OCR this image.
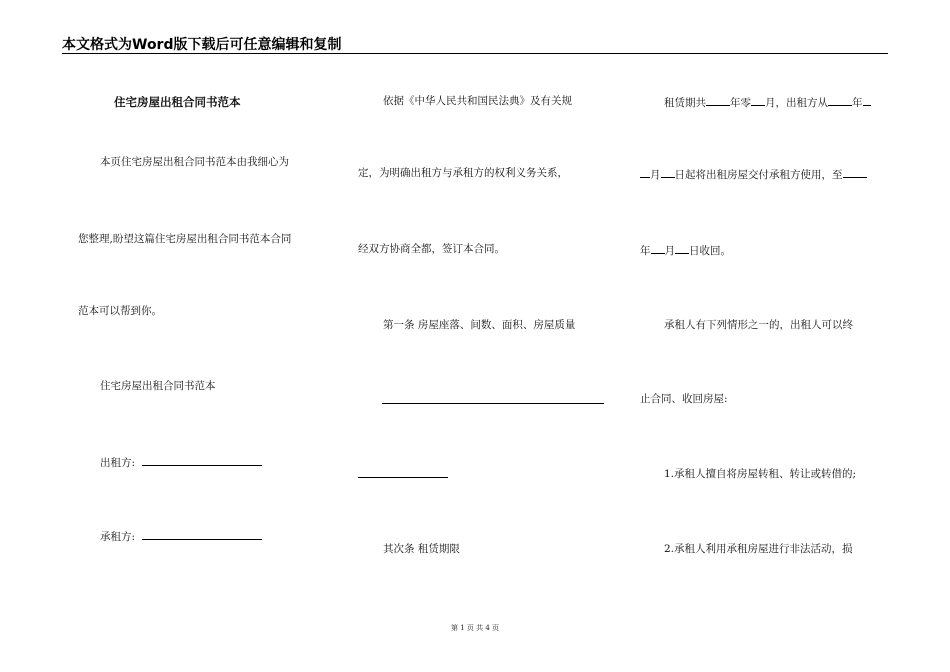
本文格式为Word版下载后可任意编辑和复制
住宅房屋出租合同书范本
本页住宅房屋出租合同书范本由我细心为
您整理,盼望这篇住宅房屋出租合同书范本合同
范本可以帮到你。
住宅房屋出租合同书范本
出租方:
承租方:
依据《中华人民共和国民法典》及有关规
定，为明确出租方与承租方的权利义务关系，
经双方协商全都，签订本合同。
第一条 房屋座落、间数、面积、房屋质量
其次条 租赁期限
租赁期共 年零 月，出租方从 年
月 日起将出租房屋交付承租方使用，至
年 月 日收回。
承租人有下列情形之一的，出租人可以终
止合同、收回房屋:
1.承租人擅自将房屋转租、转让或转借的;
2.承租人利用承租房屋进行非法活动，损
第 1 页 共 4 页
